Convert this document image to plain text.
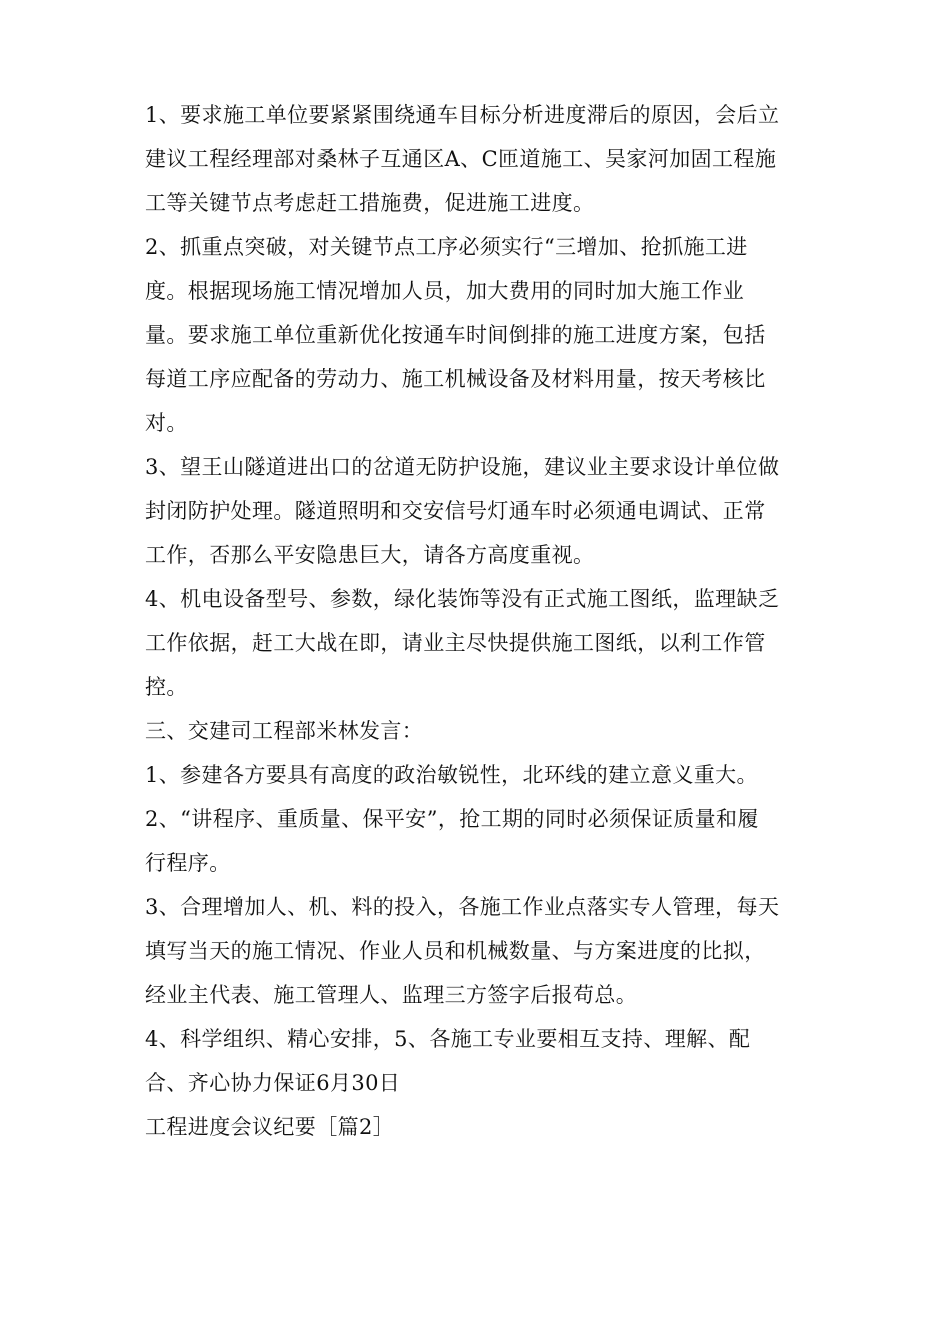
1、要求施工单位要紧紧围绕通车目标分析进度滞后的原因，会后立
建议工程经理部对桑林子互通区A、C匝道施工、吴家河加固工程施
工等关键节点考虑赶工措施费，促进施工进度。
2、抓重点突破，对关键节点工序必须实行“三增加、抢抓施工进
度。根据现场施工情况增加人员，加大费用的同时加大施工作业
量。要求施工单位重新优化按通车时间倒排的施工进度方案，包括
每道工序应配备的劳动力、施工机械设备及材料用量，按天考核比
对。
3、望王山隧道进出口的岔道无防护设施，建议业主要求设计单位做
封闭防护处理。隧道照明和交安信号灯通车时必须通电调试、正常
工作，否那么平安隐患巨大，请各方高度重视。
4、机电设备型号、参数，绿化装饰等没有正式施工图纸，监理缺乏
工作依据，赶工大战在即，请业主尽快提供施工图纸，以利工作管
控。
三、交建司工程部米林发言：
1、参建各方要具有高度的政治敏锐性，北环线的建立意义重大。
2、“讲程序、重质量、保平安”，抢工期的同时必须保证质量和履
行程序。
3、合理增加人、机、料的投入，各施工作业点落实专人管理，每天
填写当天的施工情况、作业人员和机械数量、与方案进度的比拟，
经业主代表、施工管理人、监理三方签字后报苟总。
4、科学组织、精心安排，5、各施工专业要相互支持、理解、配
合、齐心协力保证6月30日
工程进度会议纪要［篇2］
